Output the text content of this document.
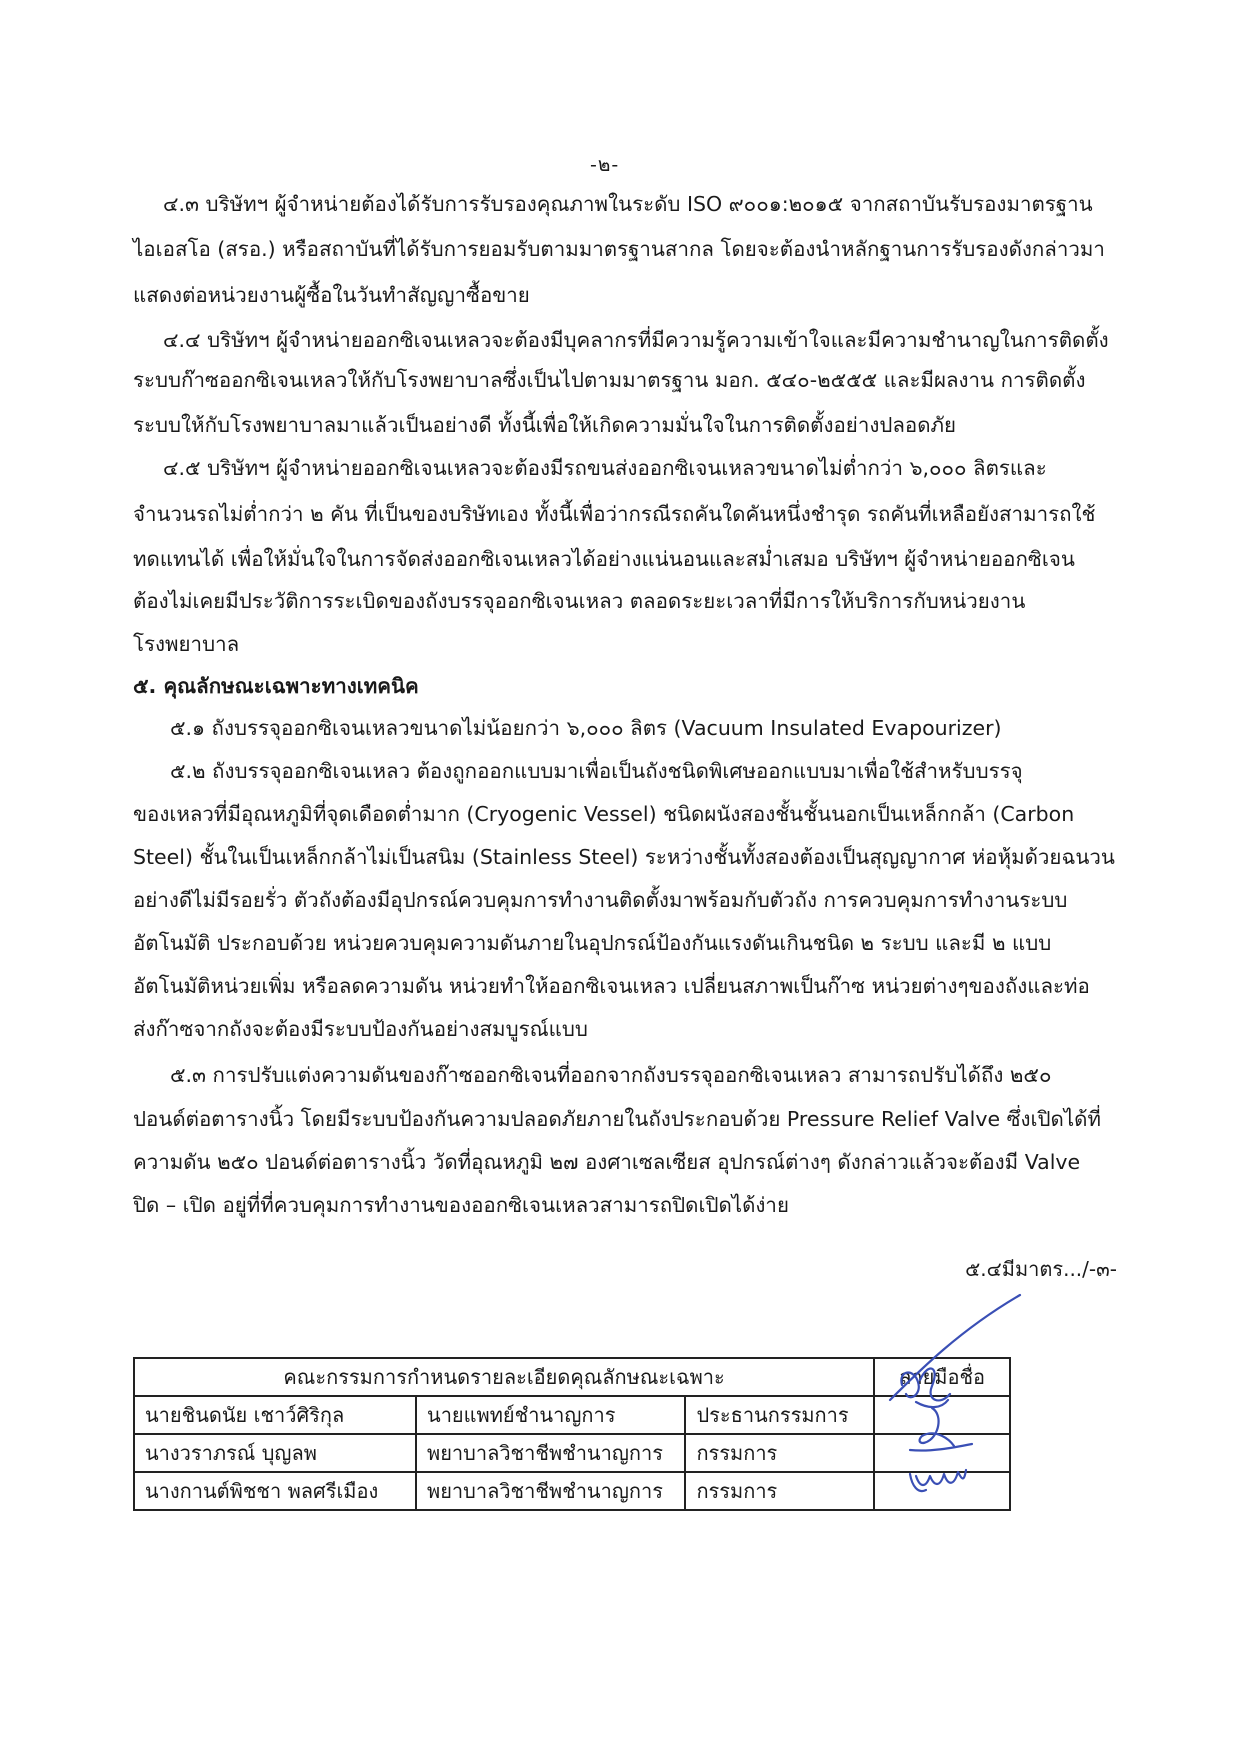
-๒-
๔.๓ บริษัทฯ ผู้จำหน่ายต้องได้รับการรับรองคุณภาพในระดับ ISO ๙๐๐๑:๒๐๑๕ จากสถาบันรับรองมาตรฐาน
ไอเอสโอ (สรอ.) หรือสถาบันที่ได้รับการยอมรับตามมาตรฐานสากล โดยจะต้องนำหลักฐานการรับรองดังกล่าวมา
แสดงต่อหน่วยงานผู้ซื้อในวันทำสัญญาซื้อขาย
๔.๔ บริษัทฯ ผู้จำหน่ายออกซิเจนเหลวจะต้องมีบุคลากรที่มีความรู้ความเข้าใจและมีความชำนาญในการติดตั้ง
ระบบก๊าซออกซิเจนเหลวให้กับโรงพยาบาลซึ่งเป็นไปตามมาตรฐาน มอก. ๕๔๐-๒๕๕๕ และมีผลงาน การติดตั้ง
ระบบให้กับโรงพยาบาลมาแล้วเป็นอย่างดี ทั้งนี้เพื่อให้เกิดความมั่นใจในการติดตั้งอย่างปลอดภัย
๔.๕ บริษัทฯ ผู้จำหน่ายออกซิเจนเหลวจะต้องมีรถขนส่งออกซิเจนเหลวขนาดไม่ต่ำกว่า ๖,๐๐๐ ลิตรและ
จำนวนรถไม่ต่ำกว่า ๒ คัน ที่เป็นของบริษัทเอง ทั้งนี้เพื่อว่ากรณีรถคันใดคันหนึ่งชำรุด รถคันที่เหลือยังสามารถใช้
ทดแทนได้ เพื่อให้มั่นใจในการจัดส่งออกซิเจนเหลวได้อย่างแน่นอนและสม่ำเสมอ บริษัทฯ ผู้จำหน่ายออกซิเจน
ต้องไม่เคยมีประวัติการระเบิดของถังบรรจุออกซิเจนเหลว ตลอดระยะเวลาที่มีการให้บริการกับหน่วยงาน
โรงพยาบาล
๕. คุณลักษณะเฉพาะทางเทคนิค
๕.๑ ถังบรรจุออกซิเจนเหลวขนาดไม่น้อยกว่า ๖,๐๐๐ ลิตร (Vacuum Insulated Evapourizer)
๕.๒ ถังบรรจุออกซิเจนเหลว ต้องถูกออกแบบมาเพื่อเป็นถังชนิดพิเศษออกแบบมาเพื่อใช้สำหรับบรรจุ
ของเหลวที่มีอุณหภูมิที่จุดเดือดต่ำมาก (Cryogenic Vessel) ชนิดผนังสองชั้นชั้นนอกเป็นเหล็กกล้า (Carbon
Steel) ชั้นในเป็นเหล็กกล้าไม่เป็นสนิม (Stainless Steel) ระหว่างชั้นทั้งสองต้องเป็นสุญญากาศ ห่อหุ้มด้วยฉนวน
อย่างดีไม่มีรอยรั่ว ตัวถังต้องมีอุปกรณ์ควบคุมการทำงานติดตั้งมาพร้อมกับตัวถัง การควบคุมการทำงานระบบ
อัตโนมัติ ประกอบด้วย หน่วยควบคุมความดันภายในอุปกรณ์ป้องกันแรงดันเกินชนิด ๒ ระบบ และมี ๒ แบบ
อัตโนมัติหน่วยเพิ่ม หรือลดความดัน หน่วยทำให้ออกซิเจนเหลว เปลี่ยนสภาพเป็นก๊าซ หน่วยต่างๆของถังและท่อ
ส่งก๊าซจากถังจะต้องมีระบบป้องกันอย่างสมบูรณ์แบบ
๕.๓ การปรับแต่งความดันของก๊าซออกซิเจนที่ออกจากถังบรรจุออกซิเจนเหลว สามารถปรับได้ถึง ๒๕๐
ปอนด์ต่อตารางนิ้ว โดยมีระบบป้องกันความปลอดภัยภายในถังประกอบด้วย Pressure Relief Valve ซึ่งเปิดได้ที่
ความดัน ๒๕๐ ปอนด์ต่อตารางนิ้ว วัดที่อุณหภูมิ ๒๗ องศาเซลเซียส อุปกรณ์ต่างๆ ดังกล่าวแล้วจะต้องมี Valve
ปิด – เปิด อยู่ที่ที่ควบคุมการทำงานของออกซิเจนเหลวสามารถปิดเปิดได้ง่าย
๕.๔มีมาตร.../-๓-
คณะกรรมการกำหนดรายละเอียดคุณลักษณะเฉพาะ			ลายมือชื่อ
นายชินดนัย เชาว์ศิริกุล	นายแพทย์ชำนาญการ	ประธานกรรมการ	
นางวราภรณ์ บุญลพ	พยาบาลวิชาชีพชำนาญการ	กรรมการ	
นางกานต์พิชชา พลศรีเมือง	พยาบาลวิชาชีพชำนาญการ	กรรมการ	
